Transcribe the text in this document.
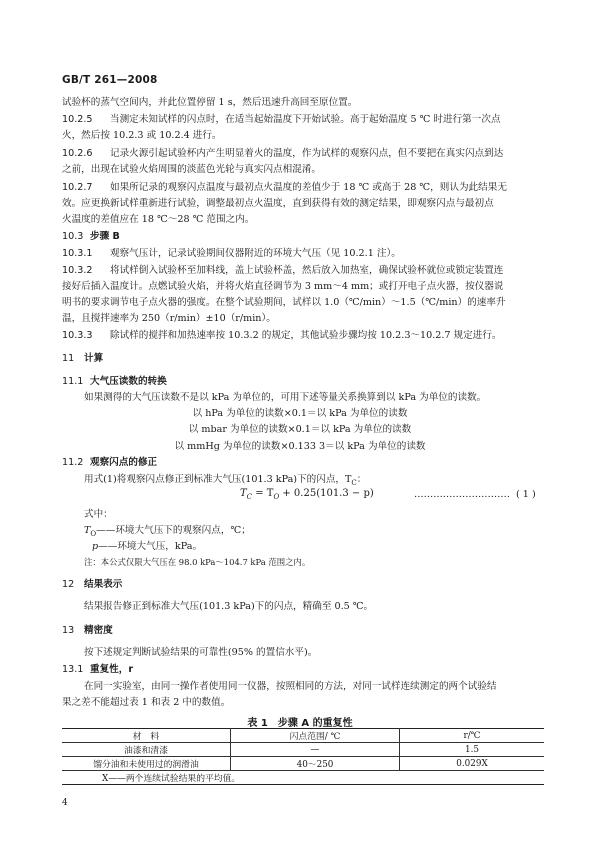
GB/T 261—2008
试验杯的蒸气空间内，并此位置停留 1 s，然后迅速升高回至原位置。
10.2.5 当测定未知试样的闪点时，在适当起始温度下开始试验。高于起始温度 5 ℃ 时进行第一次点
火，然后按 10.2.3 或 10.2.4 进行。
10.2.6 记录火源引起试验杯内产生明显着火的温度，作为试样的观察闪点，但不要把在真实闪点到达
之前，出现在试验火焰周围的淡蓝色光轮与真实闪点相混淆。
10.2.7 如果所记录的观察闪点温度与最初点火温度的差值少于 18 ℃ 或高于 28 ℃，则认为此结果无
效。应更换新试样重新进行试验，调整最初点火温度，直到获得有效的测定结果，即观察闪点与最初点
火温度的差值应在 18 ℃～28 ℃ 范围之内。
10.3 步骤 B
10.3.1 观察气压计，记录试验期间仪器附近的环境大气压（见 10.2.1 注）。
10.3.2 将试样倒入试验杯至加料线，盖上试验杯盖，然后放入加热室，确保试验杯就位或锁定装置连
接好后插入温度计。点燃试验火焰，并将火焰直径调节为 3 mm～4 mm；或打开电子点火器，按仪器说
明书的要求调节电子点火器的强度。在整个试验期间，试样以 1.0（℃/min）～1.5（℃/min）的速率升
温，且搅拌速率为 250（r/min）±10（r/min）。
10.3.3 除试样的搅拌和加热速率按 10.3.2 的规定，其他试验步骤均按 10.2.3～10.2.7 规定进行。
11 计算
11.1 大气压读数的转换
如果测得的大气压读数不是以 kPa 为单位的，可用下述等量关系换算到以 kPa 为单位的读数。
以 hPa 为单位的读数×0.1＝以 kPa 为单位的读数
以 mbar 为单位的读数×0.1＝以 kPa 为单位的读数
以 mmHg 为单位的读数×0.133 3＝以 kPa 为单位的读数
11.2 观察闪点的修正
用式(1)将观察闪点修正到标准大气压(101.3 kPa)下的闪点，$T_C$：
$T_C = T_O + 0.25(101.3 - p)$	………………………… ( 1 )
式中：
$T_O——$环境大气压下的观察闪点，℃；
p——环境大气压，kPa。
注：本公式仅限大气压在 98.0 kPa～104.7 kPa 范围之内。
12 结果表示
结果报告修正到标准大气压(101.3 kPa)下的闪点，精确至 0.5 ℃。
13 精密度
按下述规定判断试验结果的可靠性(95% 的置信水平)。
13.1 重复性，r
在同一实验室，由同一操作者使用同一仪器，按照相同的方法，对同一试样连续测定的两个试验结
果之差不能超过表 1 和表 2 中的数值。
表 1　步骤 A 的重复性
材　料	闪点范围/ ℃	r/℃
油漆和清漆	—	1.5
馏分油和未使用过的润滑油	40～250	0.029X
X——两个连续试验结果的平均值。		
4
